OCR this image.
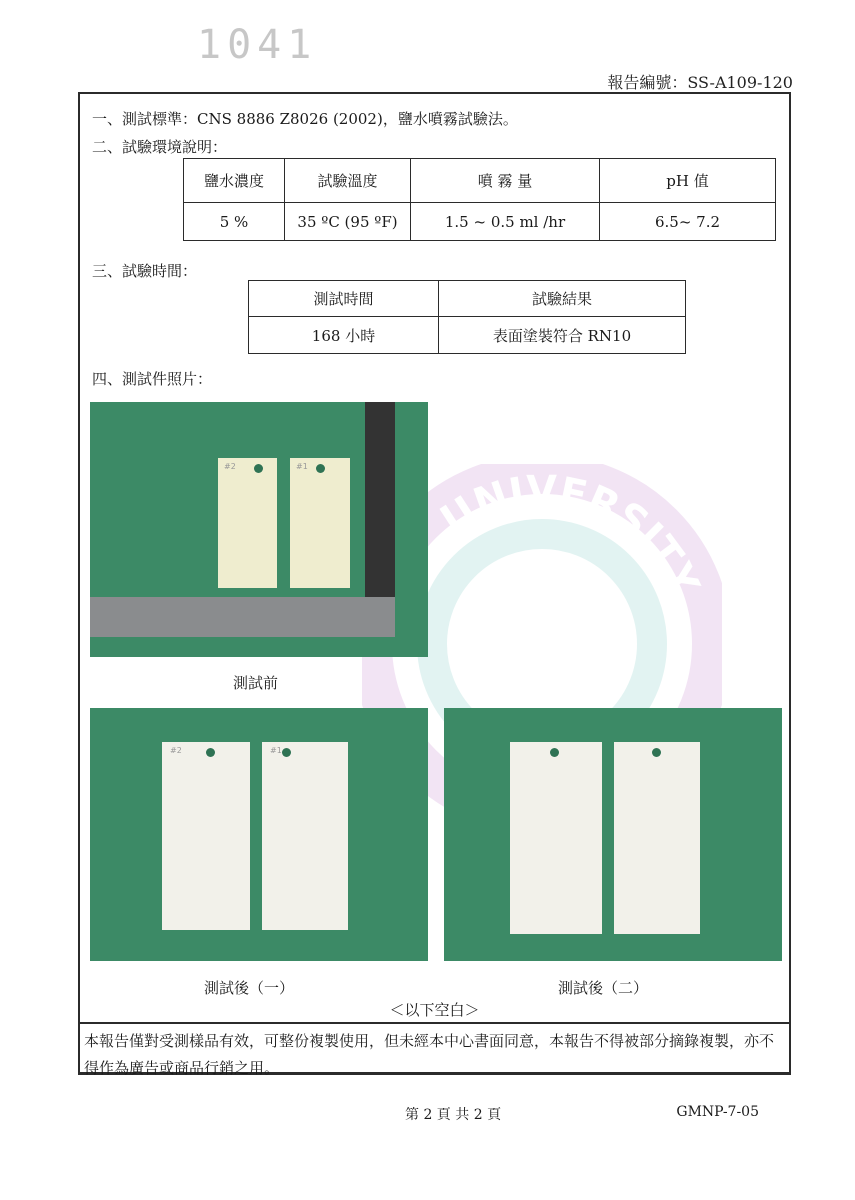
1041
報告編號：SS-A109-120
UNIVERSITY
一、測試標準：CNS 8886 Z8026 (2002)，鹽水噴霧試驗法。
二、試驗環境說明：
鹽水濃度	試驗溫度	噴 霧 量	pH 值
5 %	35 ºC (95 ºF)	1.5 ~ 0.5 ml /hr	6.5~ 7.2
三、試驗時間：
測試時間	試驗結果
168 小時	表面塗裝符合 RN10
四、測試件照片：
#2	#1
測試前
#2	#1
測試後（一）	測試後（二）
＜以下空白＞
本報告僅對受測樣品有效，可整份複製使用，但未經本中心書面同意，本報告不得被部分摘錄複製，亦不得作為廣告或商品行銷之用。
第 2 頁 共 2 頁	GMNP-7-05
